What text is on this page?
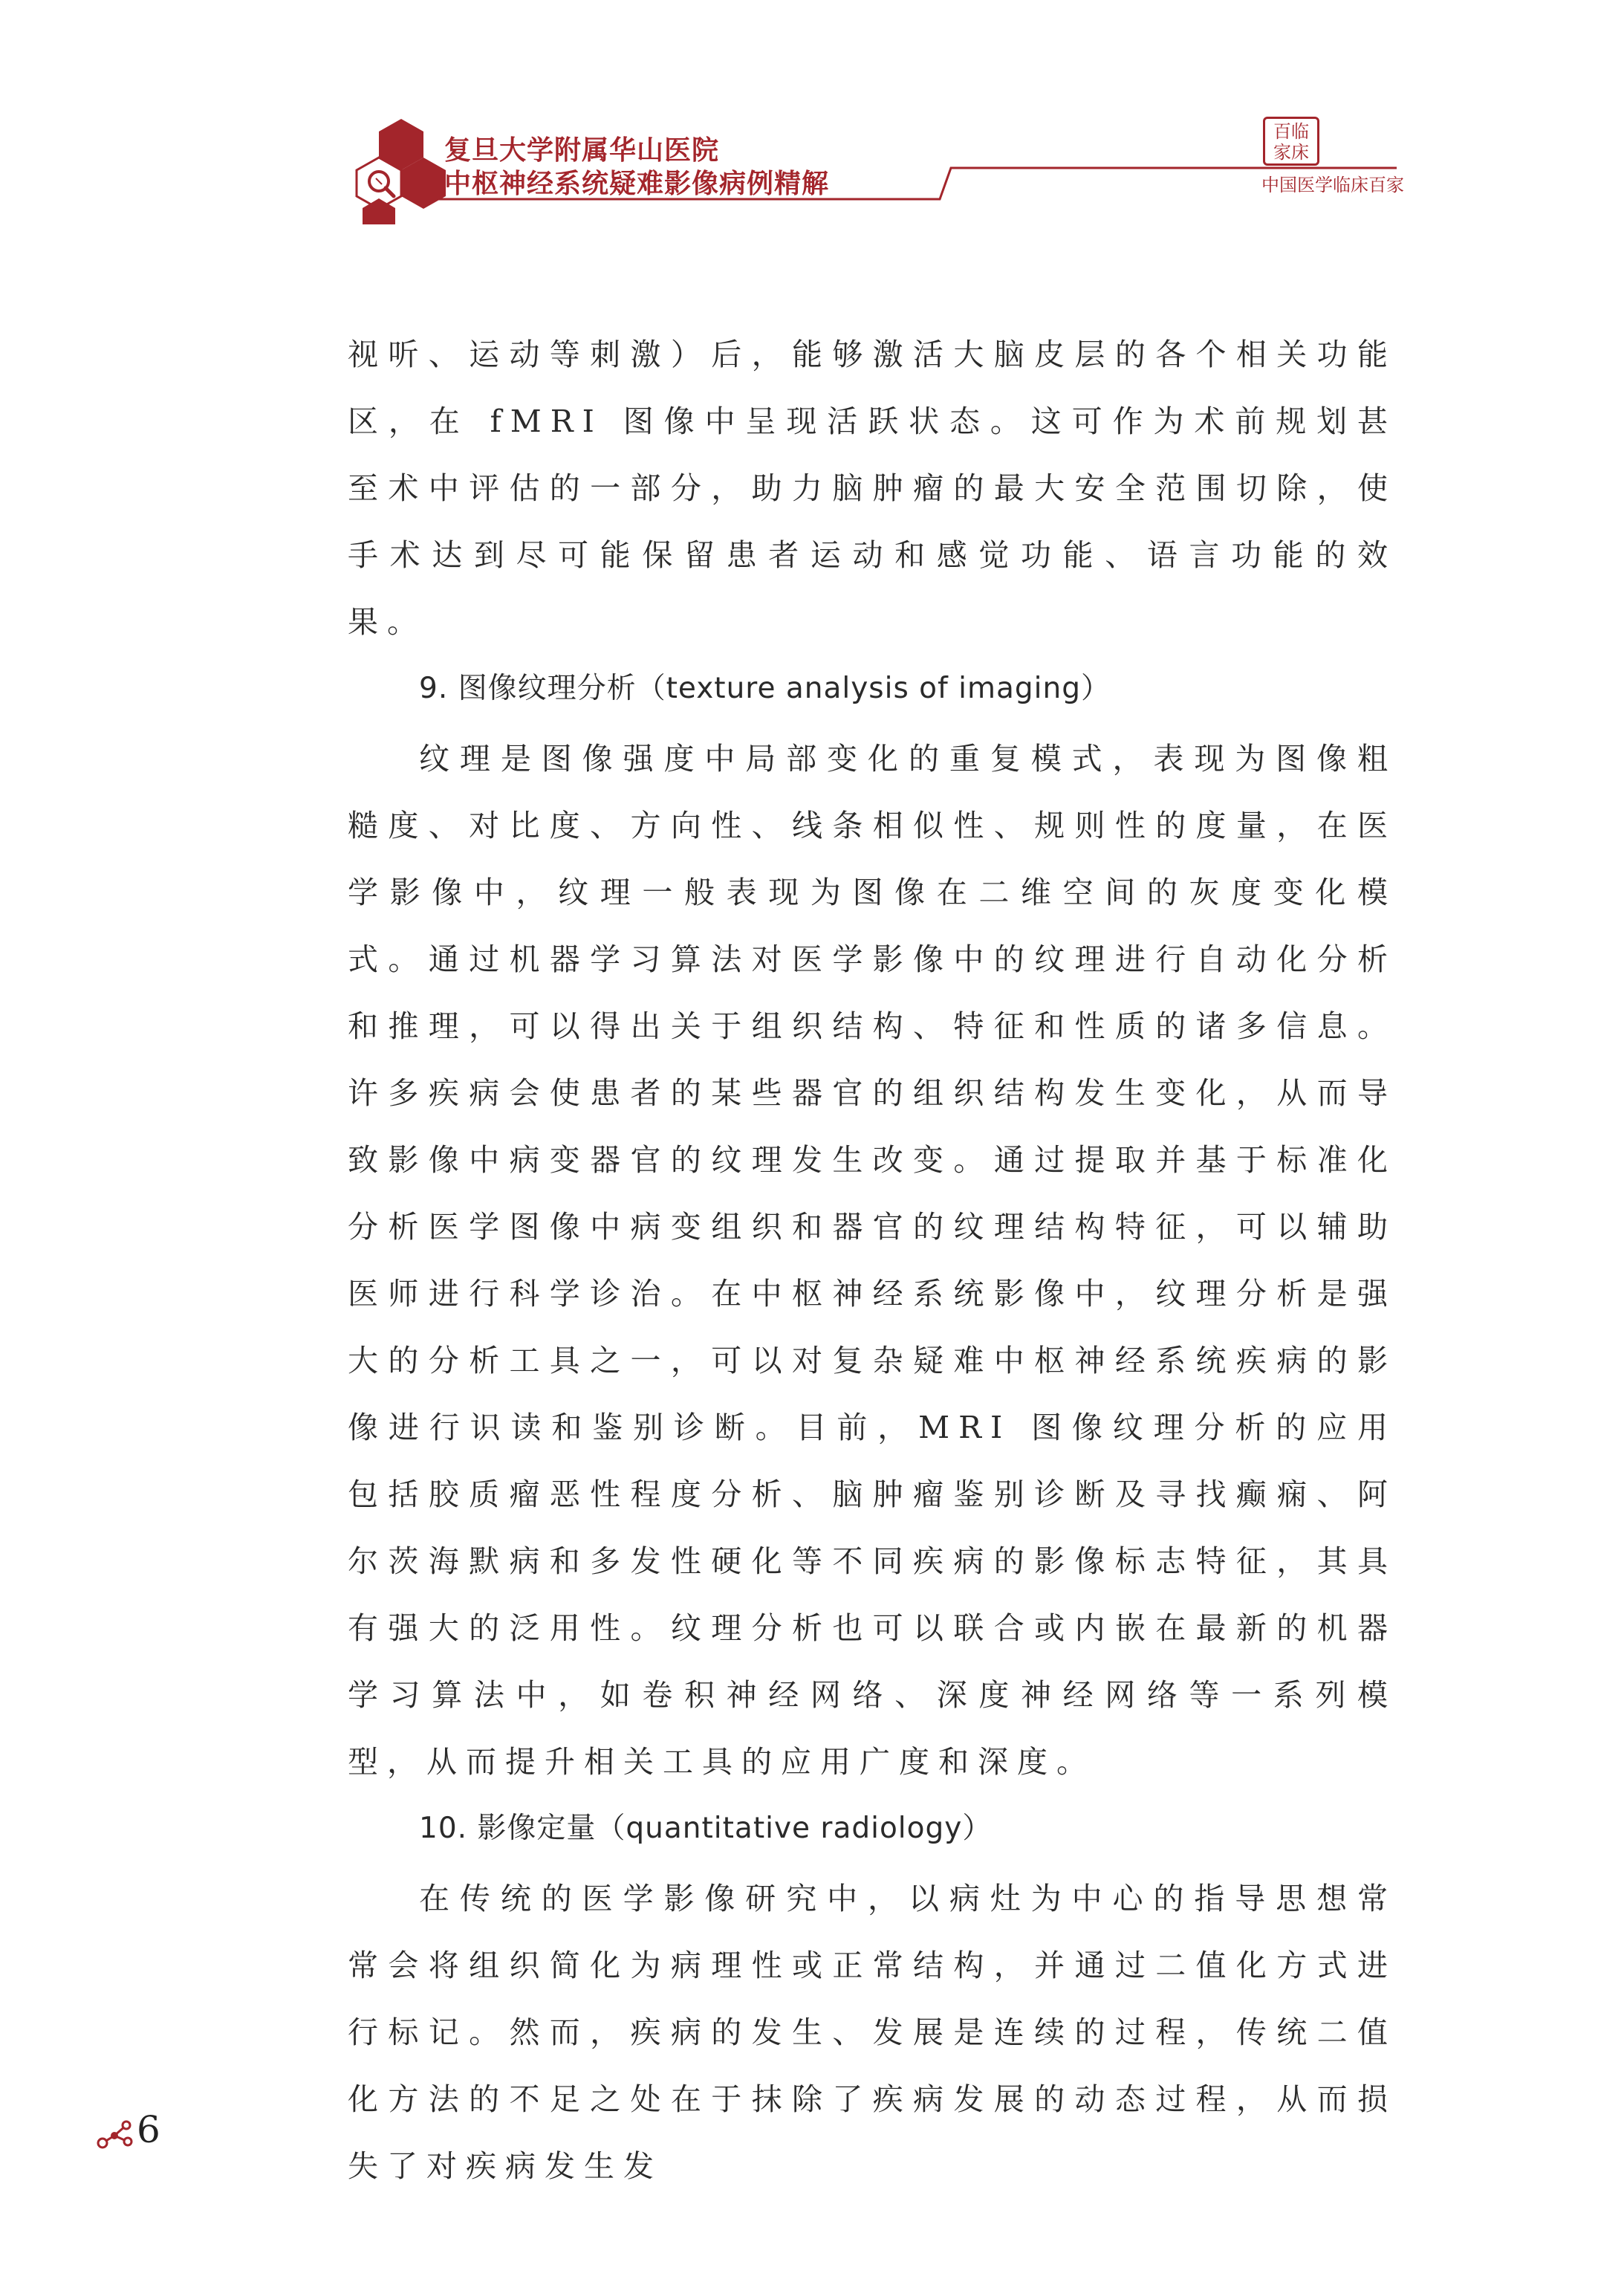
复旦大学附属华山医院
中枢神经系统疑难影像病例精解
百临家床
中国医学临床百家

视听、运动等刺激）后，能够激活大脑皮层的各个相关功能区，在 fMRI 图像中呈现活跃状态。这可作为术前规划甚至术中评估的一部分，助力脑肿瘤的最大安全范围切除，使手术达到尽可能保留患者运动和感觉功能、语言功能的效果。

9. 图像纹理分析（texture analysis of imaging）

纹理是图像强度中局部变化的重复模式，表现为图像粗糙度、对比度、方向性、线条相似性、规则性的度量，在医学影像中，纹理一般表现为图像在二维空间的灰度变化模式。通过机器学习算法对医学影像中的纹理进行自动化分析和推理，可以得出关于组织结构、特征和性质的诸多信息。许多疾病会使患者的某些器官的组织结构发生变化，从而导致影像中病变器官的纹理发生改变。通过提取并基于标准化分析医学图像中病变组织和器官的纹理结构特征，可以辅助医师进行科学诊治。在中枢神经系统影像中，纹理分析是强大的分析工具之一，可以对复杂疑难中枢神经系统疾病的影像进行识读和鉴别诊断。目前，MRI 图像纹理分析的应用包括胶质瘤恶性程度分析、脑肿瘤鉴别诊断及寻找癫痫、阿尔茨海默病和多发性硬化等不同疾病的影像标志特征，其具有强大的泛用性。纹理分析也可以联合或内嵌在最新的机器学习算法中，如卷积神经网络、深度神经网络等一系列模型，从而提升相关工具的应用广度和深度。

10. 影像定量（quantitative radiology）

在传统的医学影像研究中，以病灶为中心的指导思想常常会将组织简化为病理性或正常结构，并通过二值化方式进行标记。然而，疾病的发生、发展是连续的过程，传统二值化方法的不足之处在于抹除了疾病发展的动态过程，从而损失了对疾病发生发

6
